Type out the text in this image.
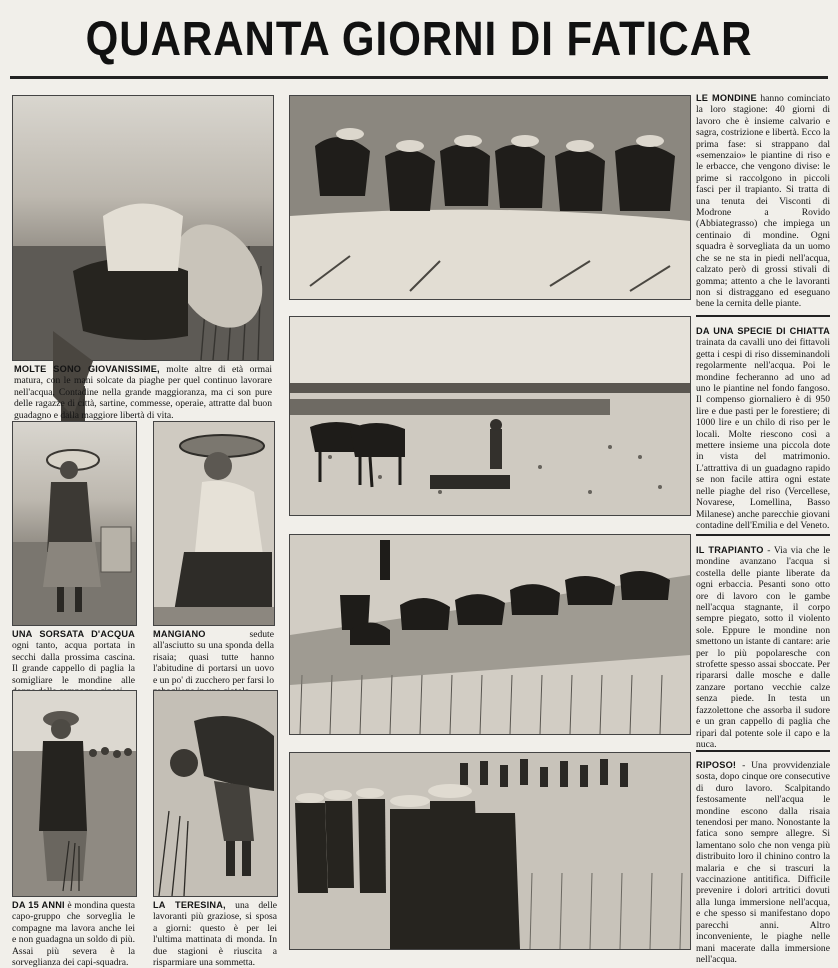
QUARANTA GIORNI DI FATICAR
MOLTE SONO GIOVANISSIME, molte altre di età ormai matura, con le mani solcate da piaghe per quel continuo lavorare nell'acqua. Contadine nella grande maggioranza, ma ci son pure delle ragazze di città, sartine, commesse, operaie, attratte dal buon guadagno e dalla maggiore libertà di vita.
UNA SORSATA D'ACQUA ogni tanto, acqua portata in secchi dalla prossima cascina. Il grande cappello di paglia la somigliare le mondine alle
MANGIANO	sedute all'asciutto su una sponda della risaia; quasi tutte hanno l'abitudine di portarsi un uovo e un po' di zucchero per farsi lo
DA 15 ANNI è mondina questa capo-gruppo che sorveglia le compagne ma lavora anche lei e non guadagna un soldo di più. Assai più severa è la sorveglianza dei capi-squadra.
LA TERESINA, una delle lavoranti più graziose, si sposa a giorni: questo è per lei l'ultima mattinata di monda. In due stagioni è riuscita a risparmiare una sommetta.
LE MONDINE hanno cominciato la loro stagione: 40 giorni di lavoro che è insieme calvario e sagra, costrizione e libertà. Ecco la prima fase: si strappano dal «semenzaio» le piantine di riso e le erbacce, che vengono divise: le prime si raccolgono in piccoli fasci per il trapianto. Si tratta di una tenuta dei Visconti di Modrone a Rovido (Abbiategrasso) che impiega un centinaio di mondine. Ogni squadra è sorvegliata da un uomo che se ne sta in piedi nell'acqua, calzato però di grossi stivali di gomma; attento a che le lavoranti non si distraggano ed eseguano bene la cernita delle piante.
DA UNA SPECIE DI CHIATTA trainata da cavalli uno dei fittavoli getta i cespi di riso disseminandoli regolarmente nell'acqua. Poi le mondine fecheranno ad uno ad uno le piantine nel fondo fangoso. Il compenso giornaliero è di 950 lire e due pasti per le forestiere; di 1000 lire e un chilo di riso per le locali. Molte riescono così a mettere insieme una piccola dote in vista del matrimonio. L'attrattiva di un guadagno rapido se non facile attira ogni estate nelle piaghe del riso (Vercellese, Novarese, Lomellina, Basso Milanese) anche parecchie giovani contadine dell'Emilia e del Veneto.
IL TRAPIANTO - Via via che le mondine avanzano l'acqua si costella delle piante liberate da ogni erbaccia. Pesanti sono otto ore di lavoro con le gambe nell'acqua stagnante, il corpo sempre piegato, sotto il violento sole. Eppure le mondine non smettono un istante di cantare: arie per lo più popolaresche con strofette spesso assai sboccate. Per ripararsi dalle mosche e dalle zanzare portano vecchie calze senza piede. In testa un fazzolettone che assorba il sudore e un gran cappello di paglia che ripari dal potente sole il capo e la nuca.
RIPOSO! - Una provvidenziale sosta, dopo cinque ore consecutive di duro lavoro. Scalpitando festosamente nell'acqua le mondine escono dalla risaia tenendosi per mano. Nonostante la fatica sono sempre allegre. Si lamentano solo che non venga più distribuito loro il chinino contro la malaria e che si trascuri la vaccinazione antitifica. Difficile prevenire i dolori artritici dovuti alla lunga immersione nell'acqua, e che spesso si manifestano dopo parecchi anni. Altro inconveniente, le piaghe nelle mani macerate dalla immersione nell'acqua.
